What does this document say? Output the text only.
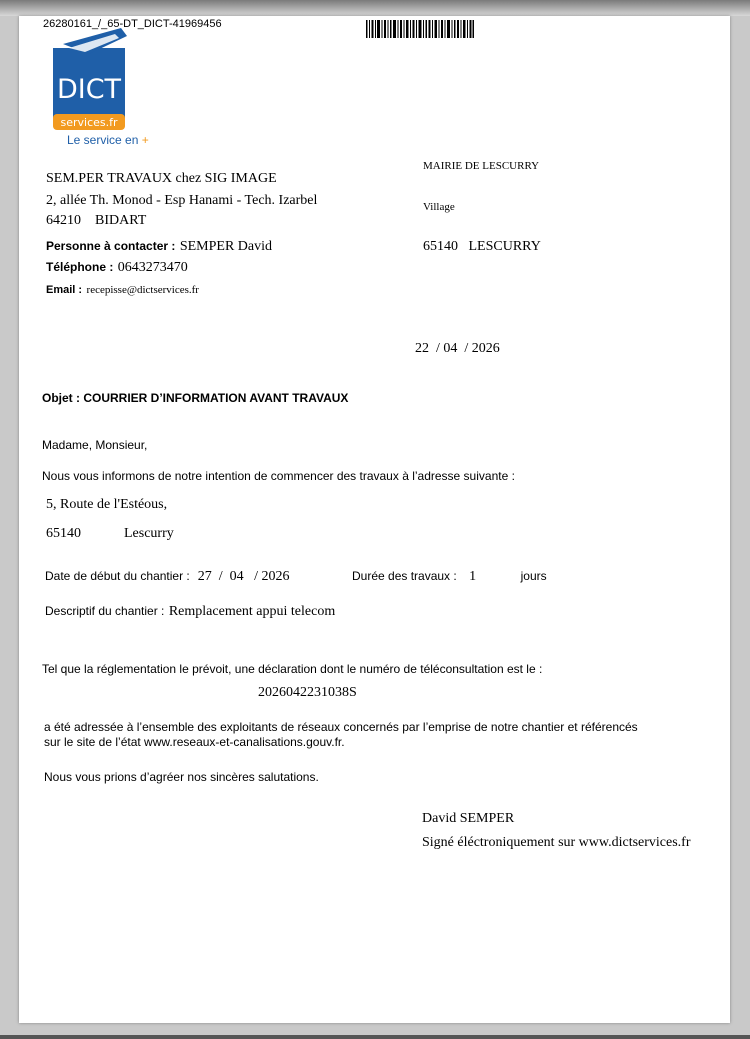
26280161_/_65-DT_DICT-41969456
DICT
services.fr
Le service en +
SEM.PER TRAVAUX chez SIG IMAGE
2, allée Th. Monod - Esp Hanami - Tech. Izarbel
64210 BIDART
Personne à contacter : SEMPER David
Téléphone : 0643273470
Email : recepisse@dictservices.fr
MAIRIE DE LESCURRY
Village
65140 LESCURRY
22  / 04  / 2026
Objet : COURRIER D’INFORMATION AVANT TRAVAUX
Madame, Monsieur,
Nous vous informons de notre intention de commencer des travaux à l’adresse suivante :
5, Route de l'Estéous,
65140	Lescurry
Date de début du chantier : 27  /  04   / 2026	Durée des travaux : 1	jours
Descriptif du chantier : Remplacement appui telecom
Tel que la réglementation le prévoit, une déclaration dont le numéro de téléconsultation est le :
2026042231038S
a été adressée à l’ensemble des exploitants de réseaux concernés par l’emprise de notre chantier et référencés
sur le site de l’état www.reseaux-et-canalisations.gouv.fr.
Nous vous prions d’agréer nos sincères salutations.
David SEMPER
Signé éléctroniquement sur www.dictservices.fr
